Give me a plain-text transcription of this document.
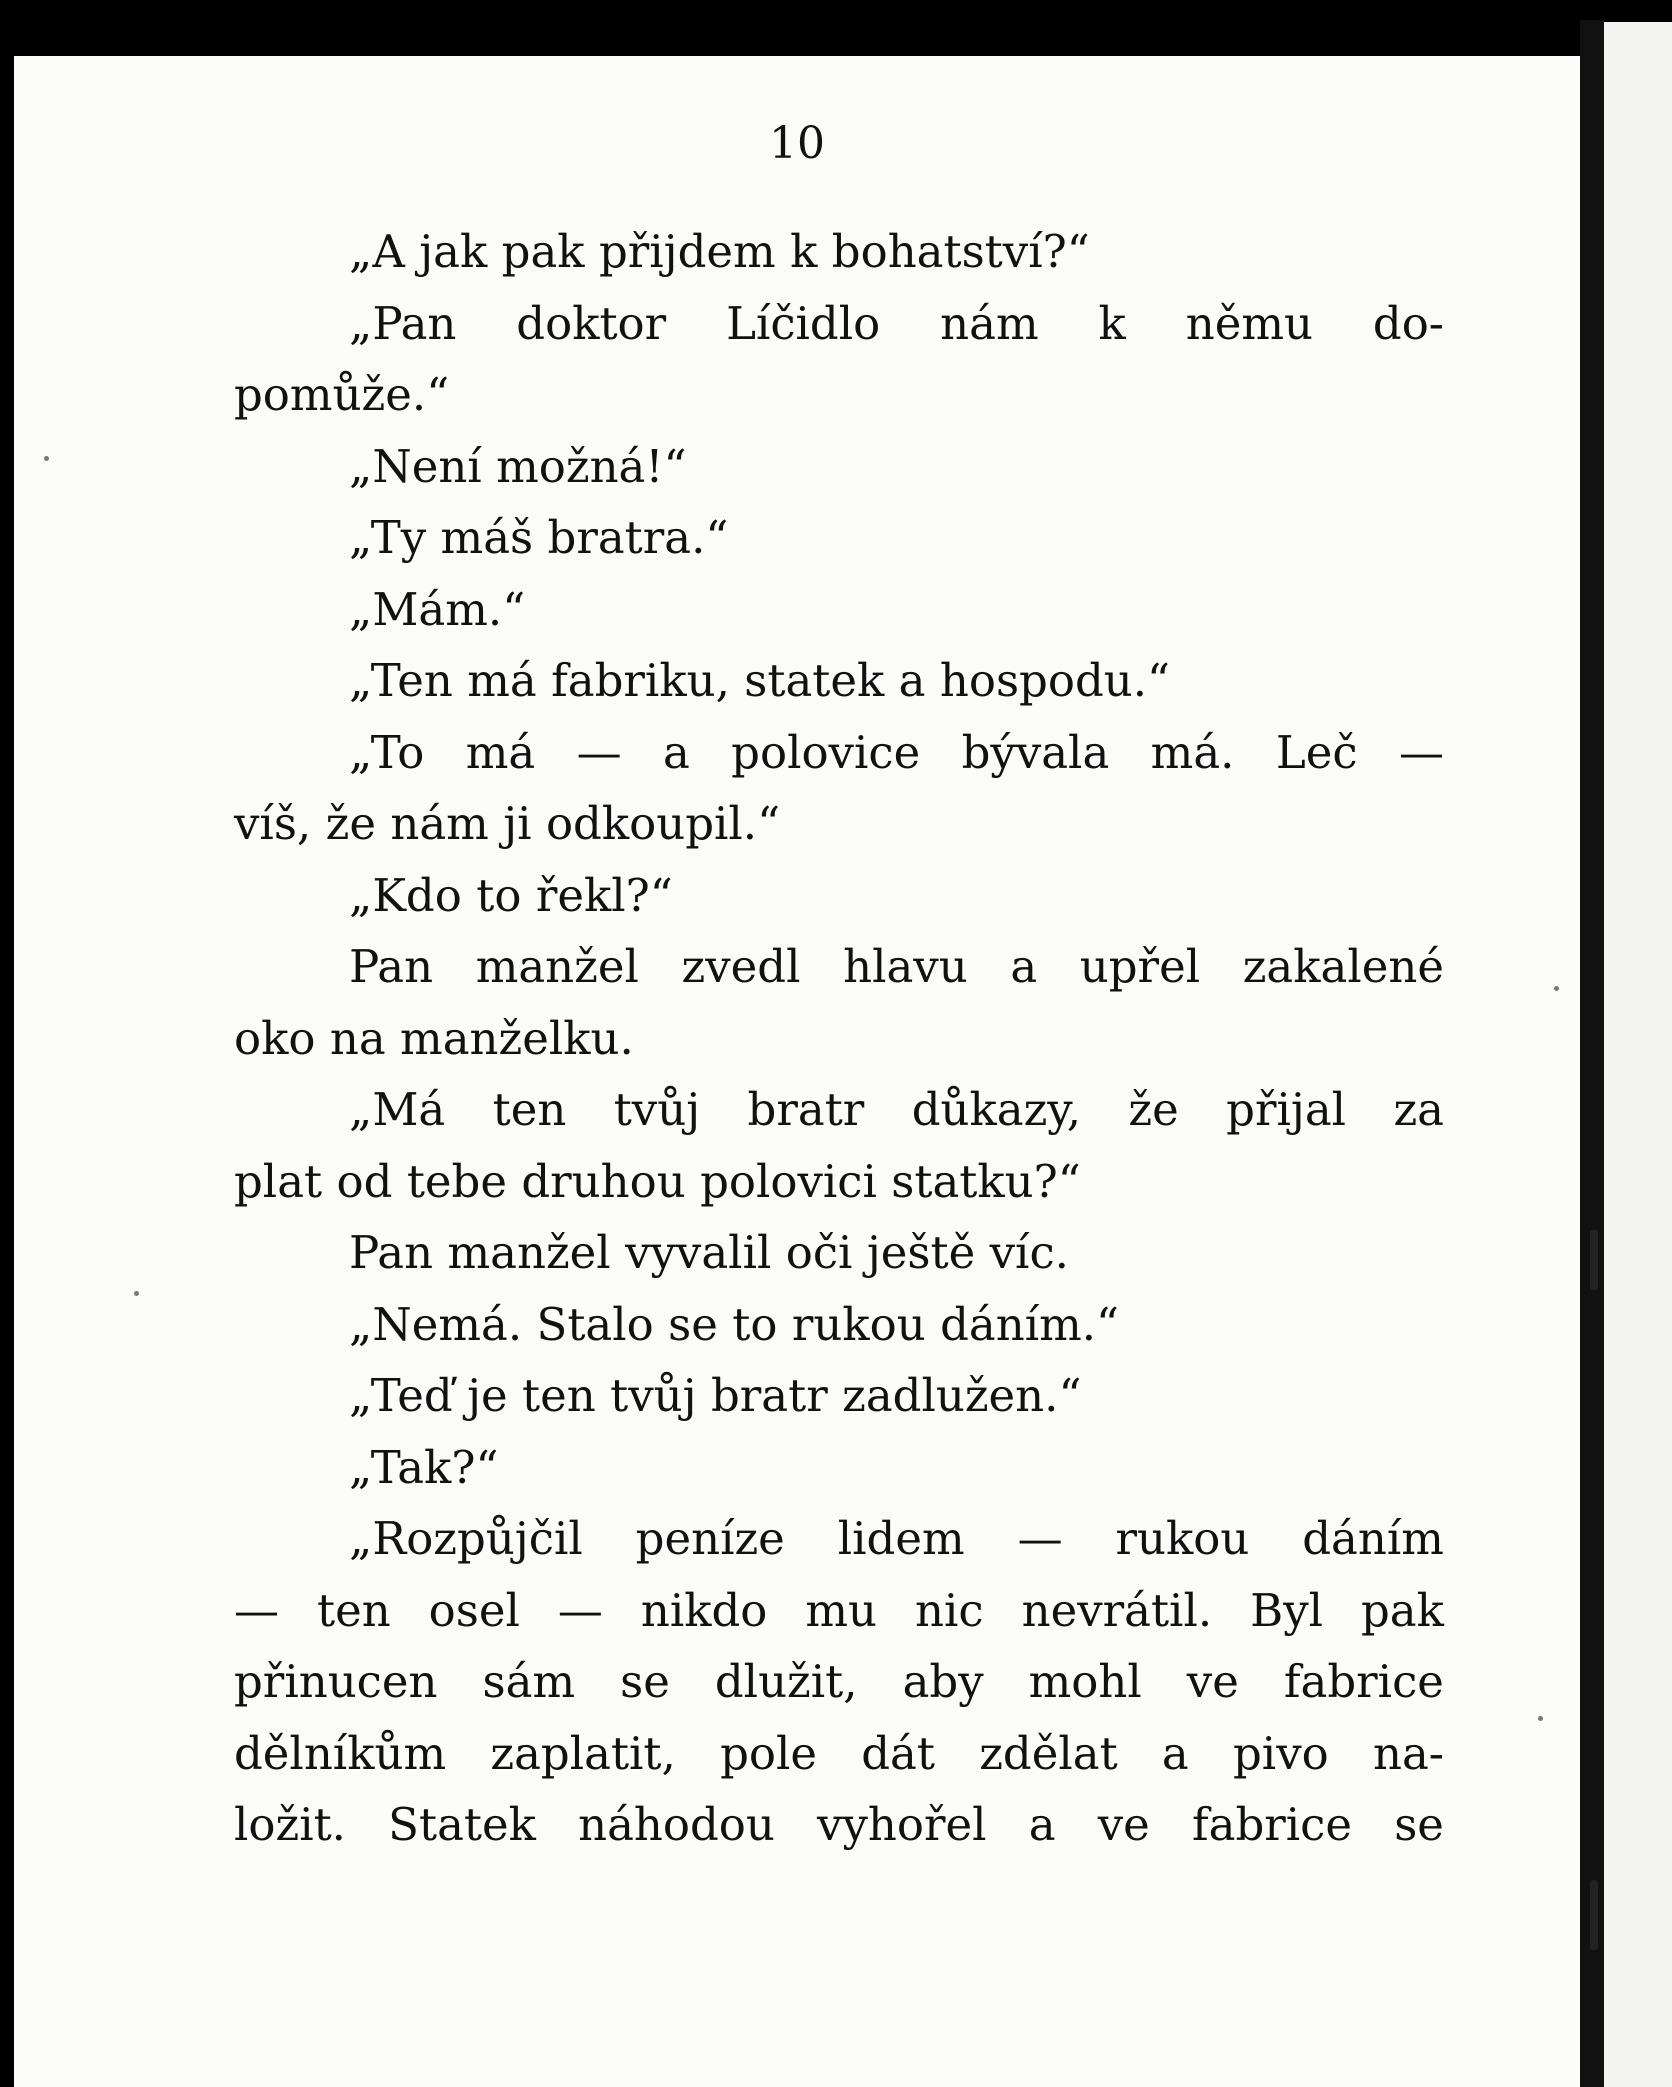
10
„A jak pak přijdem k bohatství?“
„Pan doktor Líčidlo nám k němu do-
pomůže.“
„Není možná!“
„Ty máš bratra.“
„Mám.“
„Ten má fabriku, statek a hospodu.“
„To má — a polovice bývala má. Leč —
víš, že nám ji odkoupil.“
„Kdo to řekl?“
Pan manžel zvedl hlavu a upřel zakalené
oko na manželku.
„Má ten tvůj bratr důkazy, že přijal za
plat od tebe druhou polovici statku?“
Pan manžel vyvalil oči ještě víc.
„Nemá. Stalo se to rukou dáním.“
„Teď je ten tvůj bratr zadlužen.“
„Tak?“
„Rozpůjčil peníze lidem — rukou dáním
— ten osel — nikdo mu nic nevrátil. Byl pak
přinucen sám se dlužit, aby mohl ve fabrice
dělníkům zaplatit, pole dát zdělat a pivo na-
ložit. Statek náhodou vyhořel a ve fabrice se
